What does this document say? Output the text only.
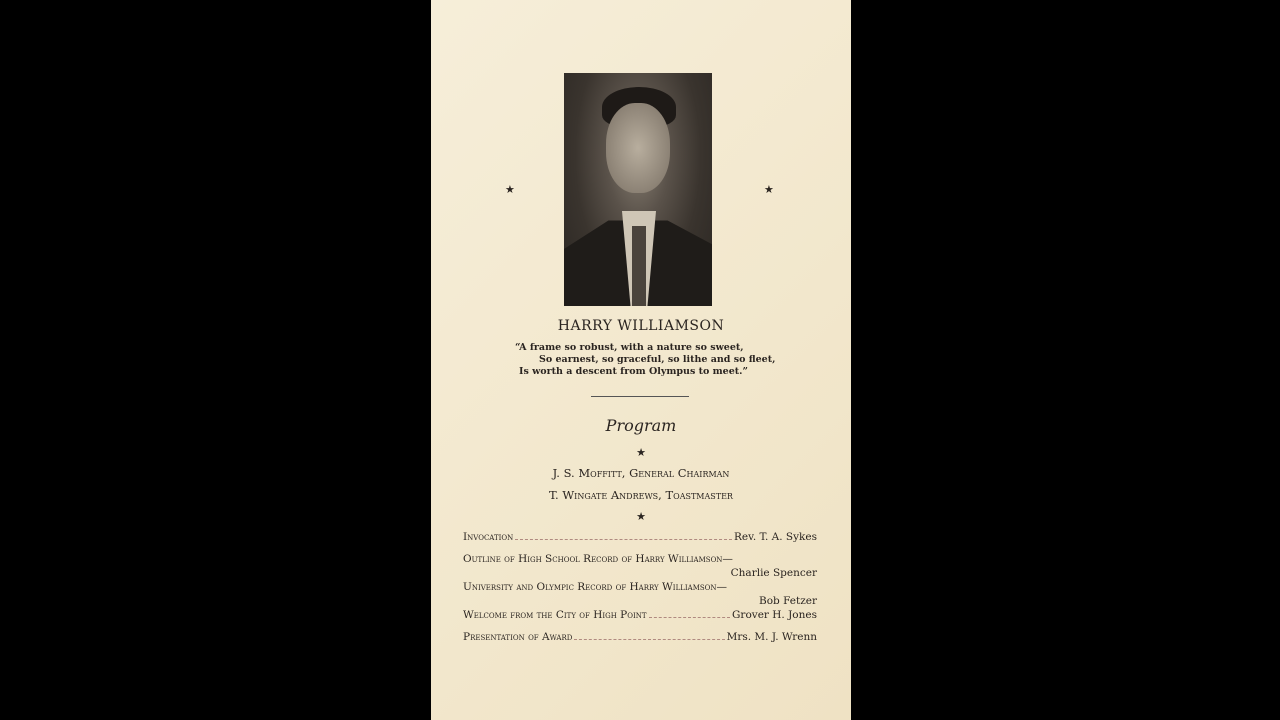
★	★
HARRY WILLIAMSON
“A frame so robust, with a nature so sweet,
So earnest, so graceful, so lithe and so fleet,
Is worth a descent from Olympus to meet.”
Program
★
J. S. Moffitt, General Chairman
T. Wingate Andrews, Toastmaster
★
Invocation	Rev. T. A. Sykes
Outline of High School Record of Harry Williamson—
Charlie Spencer
University and Olympic Record of Harry Williamson—
Bob Fetzer
Welcome from the City of High Point	Grover H. Jones
Presentation of Award	Mrs. M. J. Wrenn
